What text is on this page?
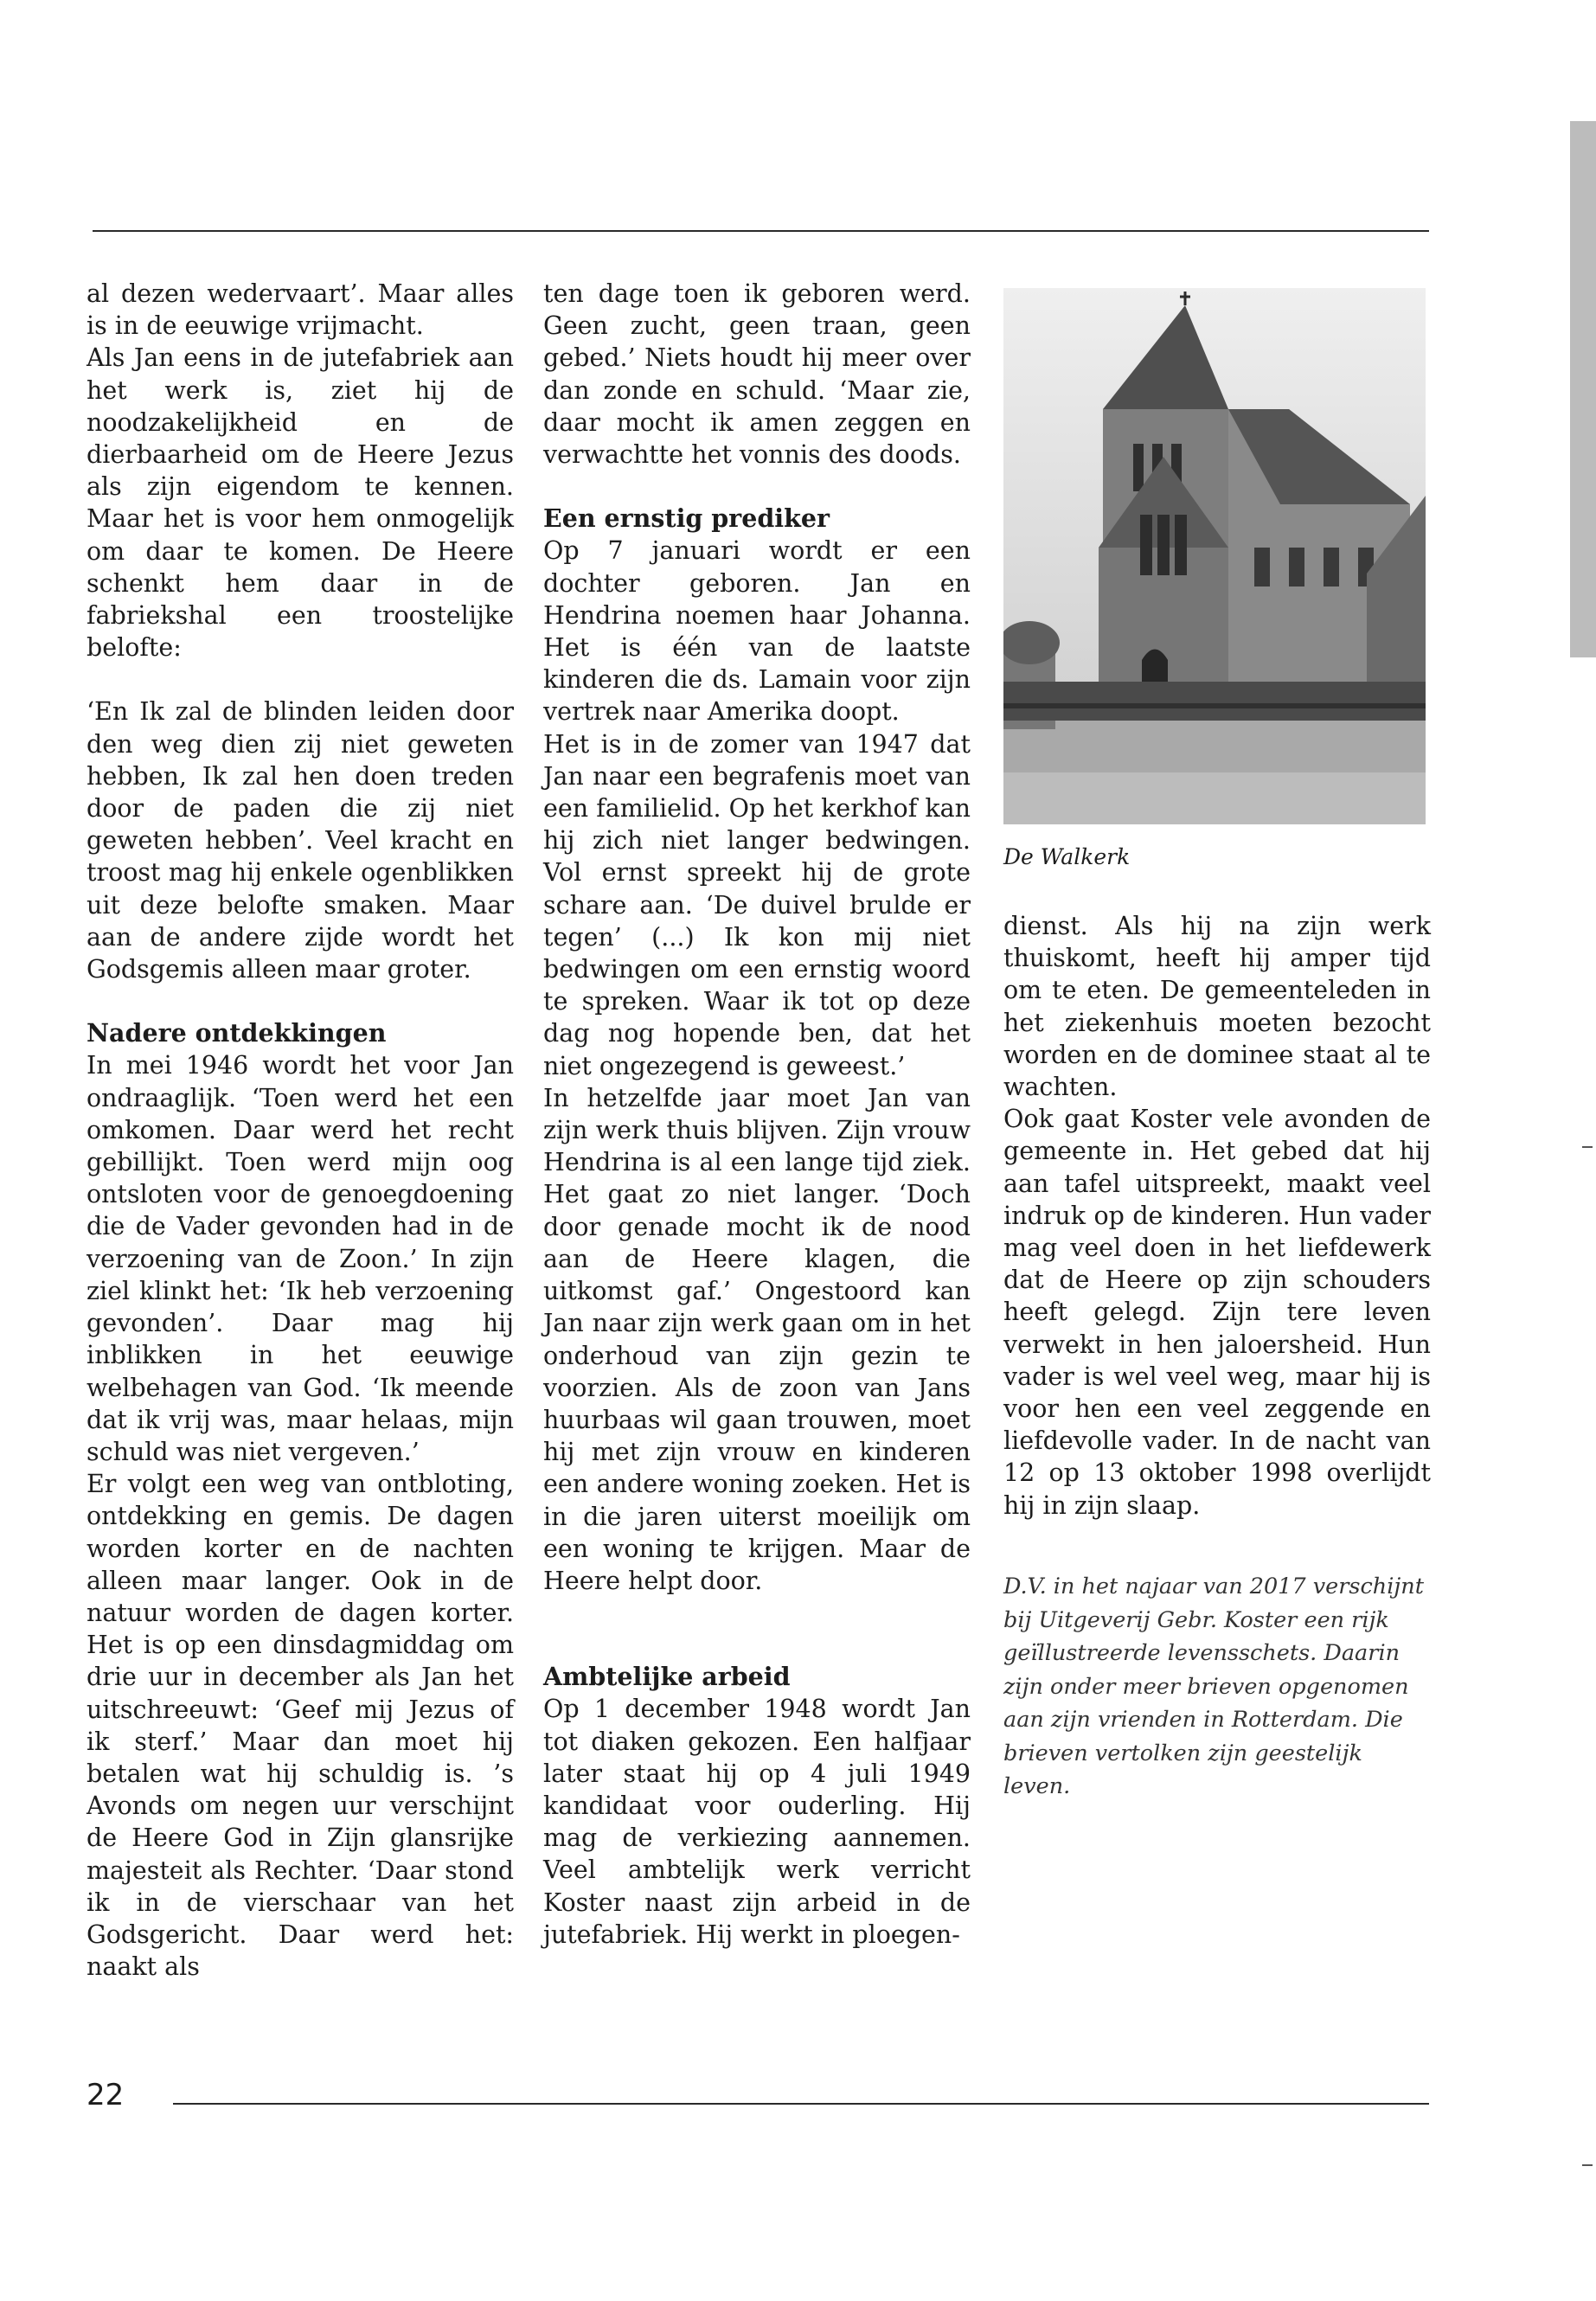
al dezen wedervaart’. Maar alles is in de eeuwige vrijmacht.

Als Jan eens in de jutefabriek aan het werk is, ziet hij de noodzakelijkheid en de dierbaarheid om de Heere Jezus als zijn eigendom te kennen. Maar het is voor hem onmogelijk om daar te komen. De Heere schenkt hem daar in de fabriekshal een troostelijke belofte:

‘En Ik zal de blinden leiden door den weg dien zij niet geweten hebben, Ik zal hen doen treden door de paden die zij niet geweten hebben’. Veel kracht en troost mag hij enkele ogenblikken uit deze belofte smaken. Maar aan de andere zijde wordt het Godsgemis alleen maar groter.

Nadere ontdekkingen

In mei 1946 wordt het voor Jan ondraaglijk. ‘Toen werd het een omkomen. Daar werd het recht gebillijkt. Toen werd mijn oog ontsloten voor de genoegdoening die de Vader gevonden had in de verzoening van de Zoon.’ In zijn ziel klinkt het: ‘Ik heb verzoening gevonden’. Daar mag hij inblikken in het eeuwige welbehagen van God. ‘Ik meende dat ik vrij was, maar helaas, mijn schuld was niet vergeven.’

Er volgt een weg van ontbloting, ontdekking en gemis. De dagen worden korter en de nachten alleen maar langer. Ook in de natuur worden de dagen korter. Het is op een dinsdagmiddag om drie uur in december als Jan het uitschreeuwt: ‘Geef mij Jezus of ik sterf.’ Maar dan moet hij betalen wat hij schuldig is. ’s Avonds om negen uur verschijnt de Heere God in Zijn glansrijke majesteit als Rechter. ‘Daar stond ik in de vierschaar van het Godsgericht. Daar werd het: naakt als

ten dage toen ik geboren werd. Geen zucht, geen traan, geen gebed.’ Niets houdt hij meer over dan zonde en schuld. ‘Maar zie, daar mocht ik amen zeggen en verwachtte het vonnis des doods.

Een ernstig prediker

Op 7 januari wordt er een dochter geboren. Jan en Hendrina noemen haar Johanna. Het is één van de laatste kinderen die ds. Lamain voor zijn vertrek naar Amerika doopt.

Het is in de zomer van 1947 dat Jan naar een begrafenis moet van een familielid. Op het kerkhof kan hij zich niet langer bedwingen. Vol ernst spreekt hij de grote schare aan. ‘De duivel brulde er tegen’ (...) Ik kon mij niet bedwingen om een ernstig woord te spreken. Waar ik tot op deze dag nog hopende ben, dat het niet ongezegend is geweest.’

In hetzelfde jaar moet Jan van zijn werk thuis blijven. Zijn vrouw Hendrina is al een lange tijd ziek. Het gaat zo niet langer. ‘Doch door genade mocht ik de nood aan de Heere klagen, die uitkomst gaf.’ Ongestoord kan Jan naar zijn werk gaan om in het onderhoud van zijn gezin te voorzien. Als de zoon van Jans huurbaas wil gaan trouwen, moet hij met zijn vrouw en kinderen een andere woning zoeken. Het is in die jaren uiterst moeilijk om een woning te krijgen. Maar de Heere helpt door.

Ambtelijke arbeid

Op 1 december 1948 wordt Jan tot diaken gekozen. Een halfjaar later staat hij op 4 juli 1949 kandidaat voor ouderling. Hij mag de verkiezing aannemen. Veel ambtelijk werk verricht Koster naast zijn arbeid in de jutefabriek. Hij werkt in ploegen-

dienst. Als hij na zijn werk thuiskomt, heeft hij amper tijd om te eten. De gemeenteleden in het ziekenhuis moeten bezocht worden en de dominee staat al te wachten.

Ook gaat Koster vele avonden de gemeente in. Het gebed dat hij aan tafel uitspreekt, maakt veel indruk op de kinderen. Hun vader mag veel doen in het liefdewerk dat de Heere op zijn schouders heeft gelegd. Zijn tere leven verwekt in hen jaloersheid. Hun vader is wel veel weg, maar hij is voor hen een veel zeggende en liefdevolle vader. In de nacht van 12 op 13 oktober 1998 overlijdt hij in zijn slaap.

De Walkerk
D.V. in het najaar van 2017 verschijnt bij Uitgeverij Gebr. Koster een rijk geïllustreerde levensschets. Daarin zijn onder meer brieven opgenomen aan zijn vrienden in Rotterdam. Die brieven vertolken zijn geestelijk leven.
22
